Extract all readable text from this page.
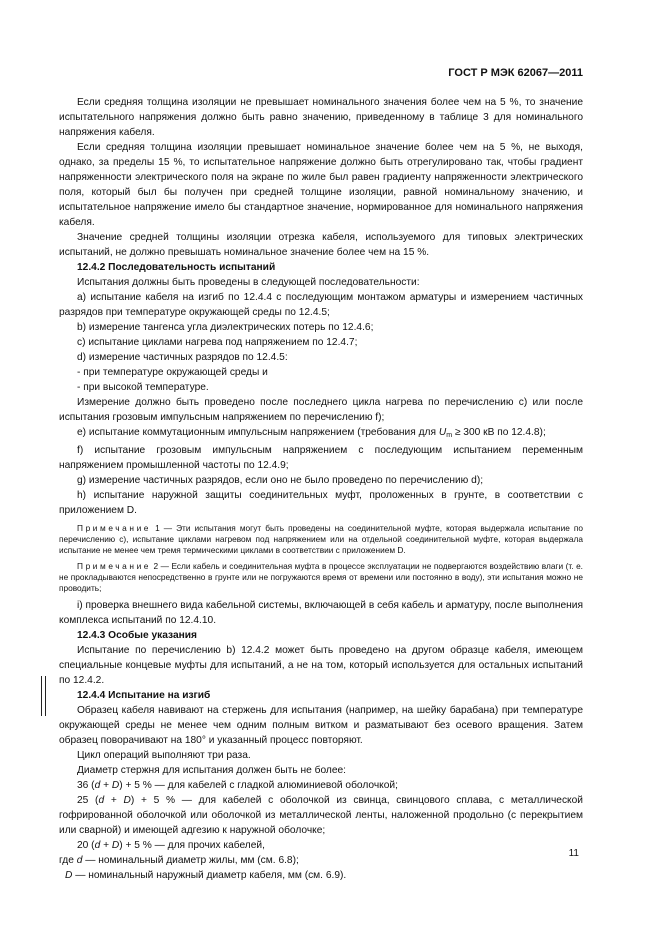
ГОСТ Р МЭК 62067—2011

Если средняя толщина изоляции не превышает номинального значения более чем на 5 %, то значение испытательного напряжения должно быть равно значению, приведенному в таблице 3 для номинального напряжения кабеля.

Если средняя толщина изоляции превышает номинальное значение более чем на 5 %, не выходя, однако, за пределы 15 %, то испытательное напряжение должно быть отрегулировано так, чтобы градиент напряженности электрического поля на экране по жиле был равен градиенту напряженности электрического поля, который был бы получен при средней толщине изоляции, равной номинальному значению, и испытательное напряжение имело бы стандартное значение, нормированное для номинального напряжения кабеля.

Значение средней толщины изоляции отрезка кабеля, используемого для типовых электрических испытаний, не должно превышать номинальное значение более чем на 15 %.

12.4.2 Последовательность испытаний

Испытания должны быть проведены в следующей последовательности:

a) испытание кабеля на изгиб по 12.4.4 с последующим монтажом арматуры и измерением частичных разрядов при температуре окружающей среды по 12.4.5;

b) измерение тангенса угла диэлектрических потерь по 12.4.6;

c) испытание циклами нагрева под напряжением по 12.4.7;

d) измерение частичных разрядов по 12.4.5:

- при температуре окружающей среды и

- при высокой температуре.

Измерение должно быть проведено после последнего цикла нагрева по перечислению c) или после испытания грозовым импульсным напряжением по перечислению f);

e) испытание коммутационным импульсным напряжением (требования для $U_m \ge 300$ кВ по 12.4.8);

f) испытание грозовым импульсным напряжением с последующим испытанием переменным напряжением промышленной частоты по 12.4.9;

g) измерение частичных разрядов, если оно не было проведено по перечислению d);

h) испытание наружной защиты соединительных муфт, проложенных в грунте, в соответствии с приложением D.

Примечание 1 — Эти испытания могут быть проведены на соединительной муфте, которая выдержала испытание по перечислению c), испытание циклами нагревом под напряжением или на отдельной соединительной муфте, которая выдержала испытание не менее чем тремя термическими циклами в соответствии с приложением D.

Примечание 2 — Если кабель и соединительная муфта в процессе эксплуатации не подвергаются воздействию влаги (т. е. не прокладываются непосредственно в грунте или не погружаются время от времени или постоянно в воду), эти испытания можно не проводить;

i) проверка внешнего вида кабельной системы, включающей в себя кабель и арматуру, после выполнения комплекса испытаний по 12.4.10.

12.4.3 Особые указания

Испытание по перечислению b) 12.4.2 может быть проведено на другом образце кабеля, имеющем специальные концевые муфты для испытаний, а не на том, который используется для остальных испытаний по 12.4.2.

12.4.4 Испытание на изгиб

Образец кабеля навивают на стержень для испытания (например, на шейку барабана) при температуре окружающей среды не менее чем одним полным витком и разматывают без осевого вращения. Затем образец поворачивают на 180° и указанный процесс повторяют.

Цикл операций выполняют три раза.

Диаметр стержня для испытания должен быть не более:

36 (d + D) + 5 % — для кабелей с гладкой алюминиевой оболочкой;

25 (d + D) + 5 % — для кабелей с оболочкой из свинца, свинцового сплава, с металлической гофрированной оболочкой или оболочкой из металлической ленты, наложенной продольно (с перекрытием или сварной) и имеющей адгезию к наружной оболочке;

20 (d + D) + 5 % — для прочих кабелей,

где d — номинальный диаметр жилы, мм (см. 6.8);

D — номинальный наружный диаметр кабеля, мм (см. 6.9).

11
